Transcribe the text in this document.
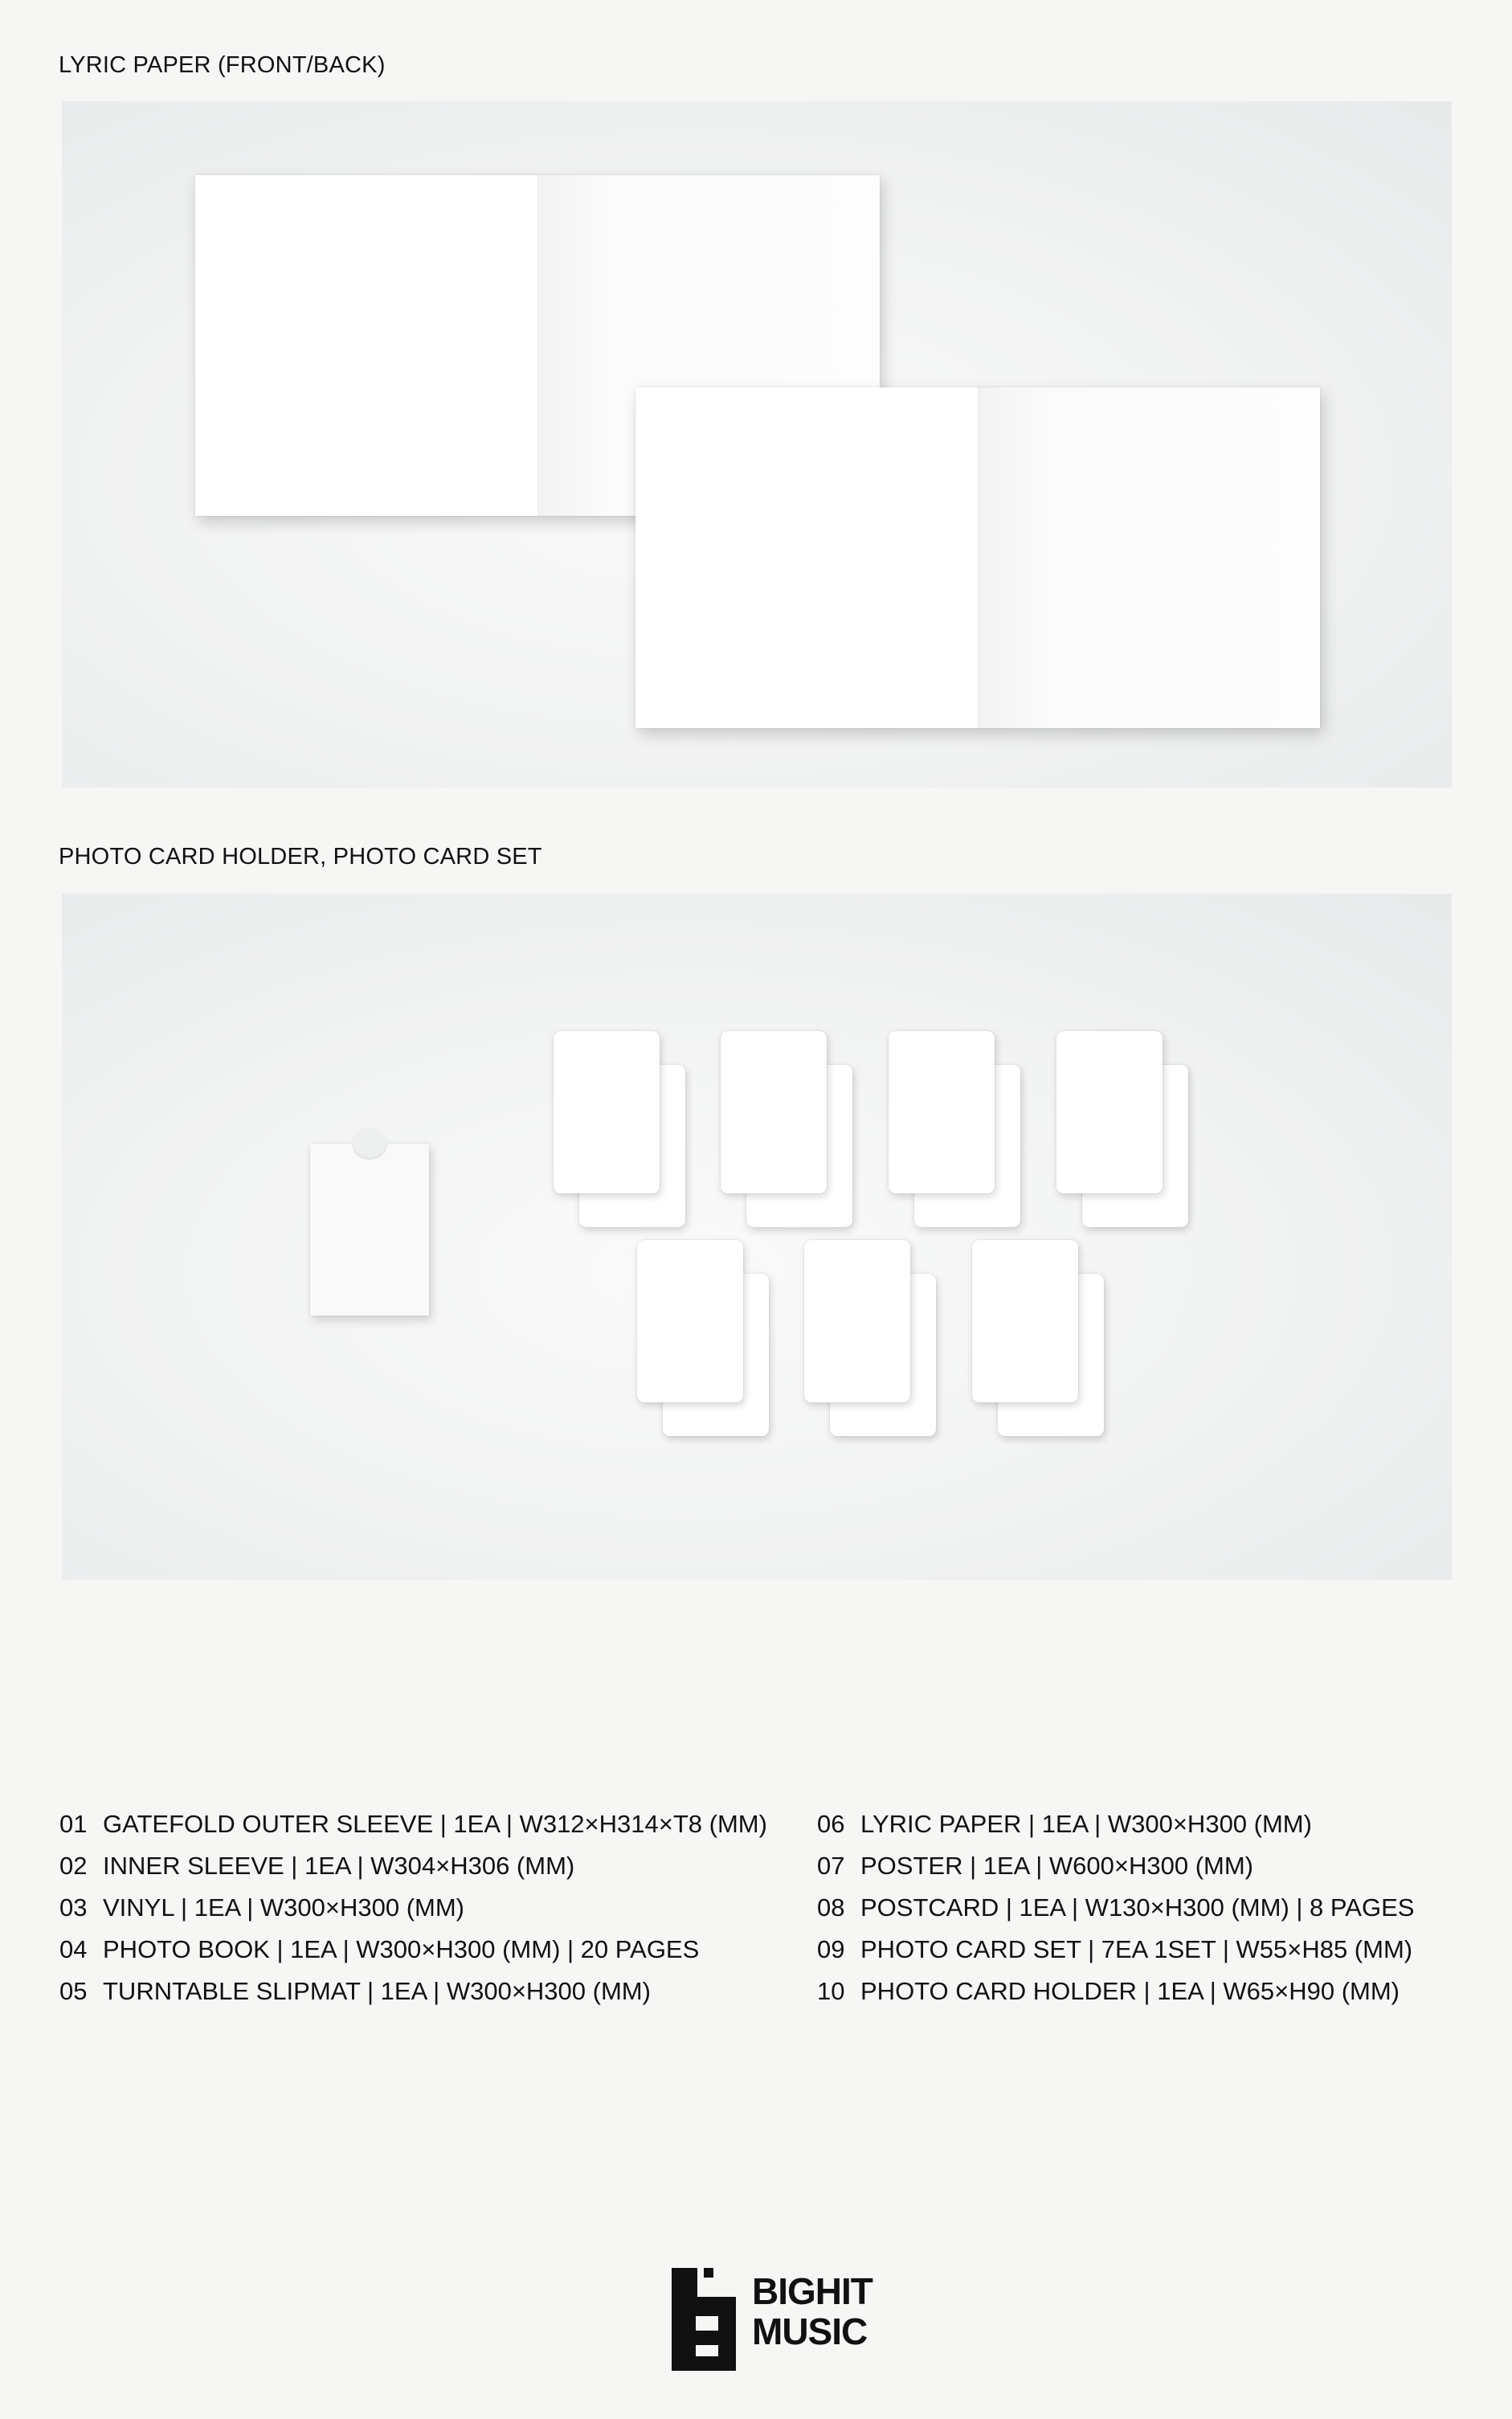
LYRIC PAPER (FRONT/BACK)
PHOTO CARD HOLDER, PHOTO CARD SET
01 GATEFOLD OUTER SLEEVE | 1EA | W312×H314×T8 (MM)
02 INNER SLEEVE | 1EA | W304×H306 (MM)
03 VINYL | 1EA | W300×H300 (MM)
04 PHOTO BOOK | 1EA | W300×H300 (MM) | 20 PAGES
05 TURNTABLE SLIPMAT | 1EA | W300×H300 (MM)
06 LYRIC PAPER | 1EA | W300×H300 (MM)
07 POSTER | 1EA | W600×H300 (MM)
08 POSTCARD | 1EA | W130×H300 (MM) | 8 PAGES
09 PHOTO CARD SET | 7EA 1SET | W55×H85 (MM)
10 PHOTO CARD HOLDER | 1EA | W65×H90 (MM)
BIGHIT
MUSIC
